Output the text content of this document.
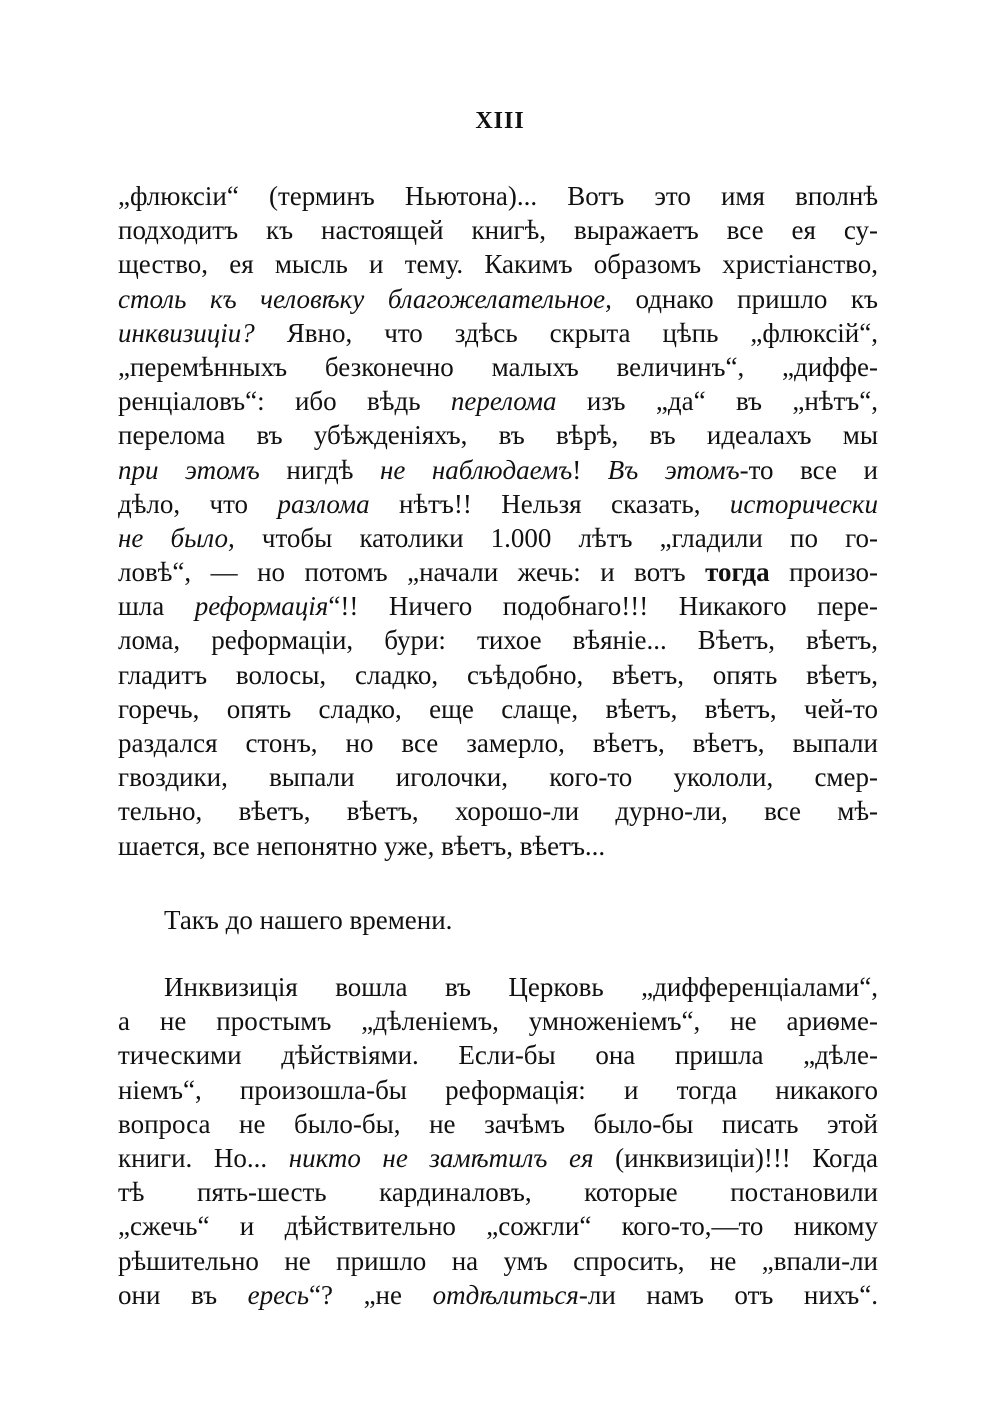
XIII
„флюксіи“ (терминъ Ньютона)... Вотъ это имя вполнѣ
подходитъ къ настоящей книгѣ, выражаетъ все ея су-
щество, ея мысль и тему. Какимъ образомъ христіанство,
столь къ человѣку благожелательное, однако пришло къ
инквизиціи? Явно, что здѣсь скрыта цѣпь „флюксій“,
„перемѣнныхъ безконечно малыхъ величинъ“, „диффе-
ренціаловъ“: ибо вѣдь перелома изъ „да“ въ „нѣтъ“,
перелома въ убѣжденіяхъ, въ вѣрѣ, въ идеалахъ мы
при этомъ нигдѣ не наблюдаемъ! Въ этомъ-то все и
дѣло, что разлома нѣтъ!! Нельзя сказать, исторически
не было, чтобы католики 1.000 лѣтъ „гладили по го-
ловѣ“, — но потомъ „начали жечь: и вотъ тогда произо-
шла реформація“!! Ничего подобнаго!!! Никакого пере-
лома, реформаціи, бури: тихое вѣяніе... Вѣетъ, вѣетъ,
гладитъ волосы, сладко, съѣдобно, вѣетъ, опять вѣетъ,
горечь, опять сладко, еще слаще, вѣетъ, вѣетъ, чей-то
раздался стонъ, но все замерло, вѣетъ, вѣетъ, выпали
гвоздики, выпали иголочки, кого-то укололи, смер-
тельно, вѣетъ, вѣетъ, хорошо-ли дурно-ли, все мѣ-
шается, все непонятно уже, вѣетъ, вѣетъ...
Такъ до нашего времени.
Инквизиція вошла въ Церковь „дифференціалами“,
а не простымъ „дѣленіемъ, умноженіемъ“, не ариѳме-
тическими дѣйствіями. Если-бы она пришла „дѣле-
ніемъ“, произошла-бы реформація: и тогда никакого
вопроса не было-бы, не зачѣмъ было-бы писать этой
книги. Но... никто не замѣтилъ ея (инквизиціи)!!! Когда
тѣ пять-шесть кардиналовъ, которые постановили
„сжечь“ и дѣйствительно „сожгли“ кого-то,—то никому
рѣшительно не пришло на умъ спросить, не „впали-ли
они въ ересь“? „не отдѣлиться-ли намъ отъ нихъ“.
